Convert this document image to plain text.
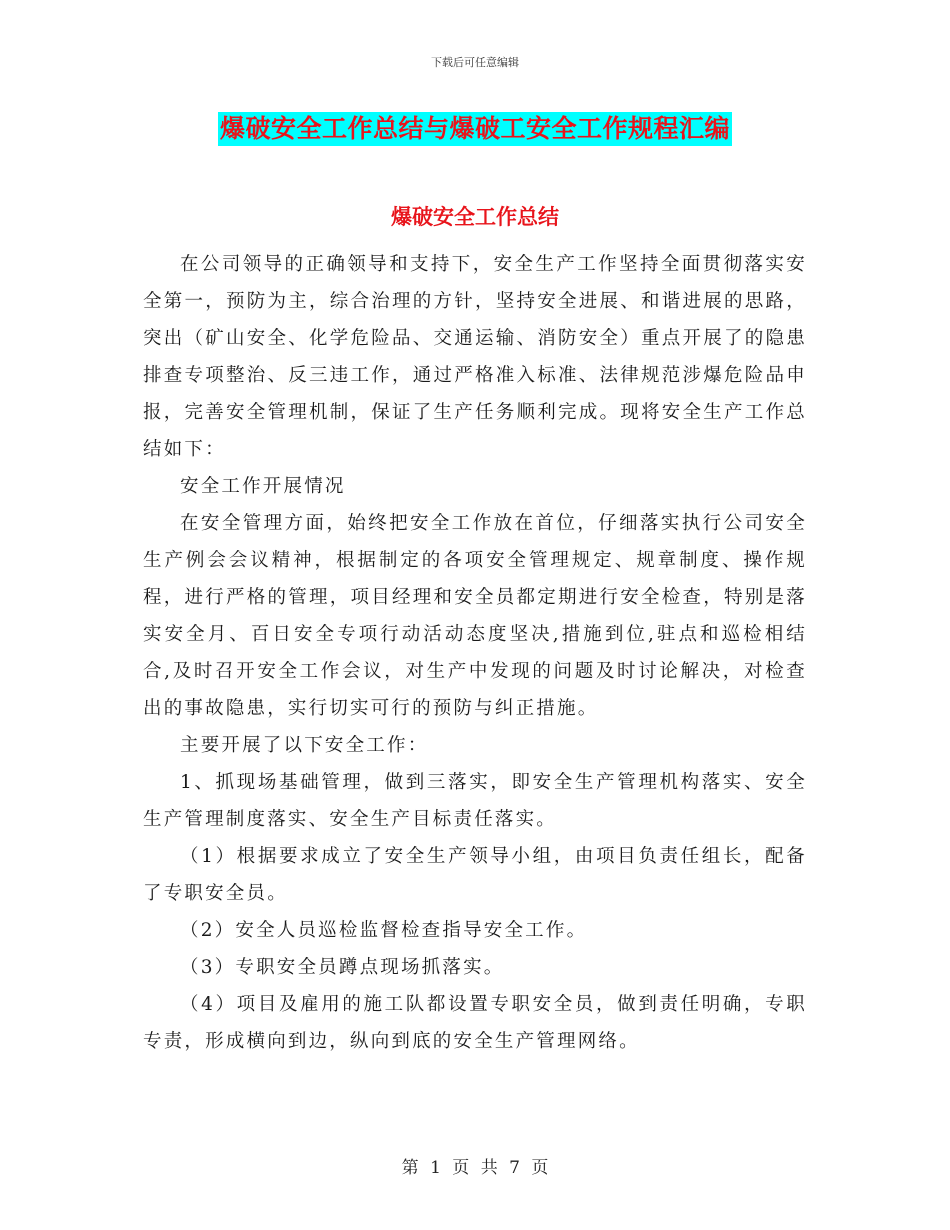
下载后可任意编辑
爆破安全工作总结与爆破工安全工作规程汇编
爆破安全工作总结

在公司领导的正确领导和支持下，安全生产工作坚持全面贯彻落实安全第一，预防为主，综合治理的方针，坚持安全进展、和谐进展的思路，突出（矿山安全、化学危险品、交通运输、消防安全）重点开展了的隐患排查专项整治、反三违工作，通过严格准入标准、法律规范涉爆危险品申报，完善安全管理机制，保证了生产任务顺利完成。现将安全生产工作总结如下：

安全工作开展情况

在安全管理方面，始终把安全工作放在首位，仔细落实执行公司安全生产例会会议精神，根据制定的各项安全管理规定、规章制度、操作规程，进行严格的管理，项目经理和安全员都定期进行安全检查，特别是落实安全月、百日安全专项行动活动态度坚决,措施到位,驻点和巡检相结合,及时召开安全工作会议，对生产中发现的问题及时讨论解决，对检查出的事故隐患，实行切实可行的预防与纠正措施。

主要开展了以下安全工作：

1、抓现场基础管理，做到三落实，即安全生产管理机构落实、安全生产管理制度落实、安全生产目标责任落实。

（1）根据要求成立了安全生产领导小组，由项目负责任组长，配备了专职安全员。

（2）安全人员巡检监督检查指导安全工作。

（3）专职安全员蹲点现场抓落实。

（4）项目及雇用的施工队都设置专职安全员，做到责任明确，专职专责，形成横向到边，纵向到底的安全生产管理网络。

第 1 页 共 7 页
